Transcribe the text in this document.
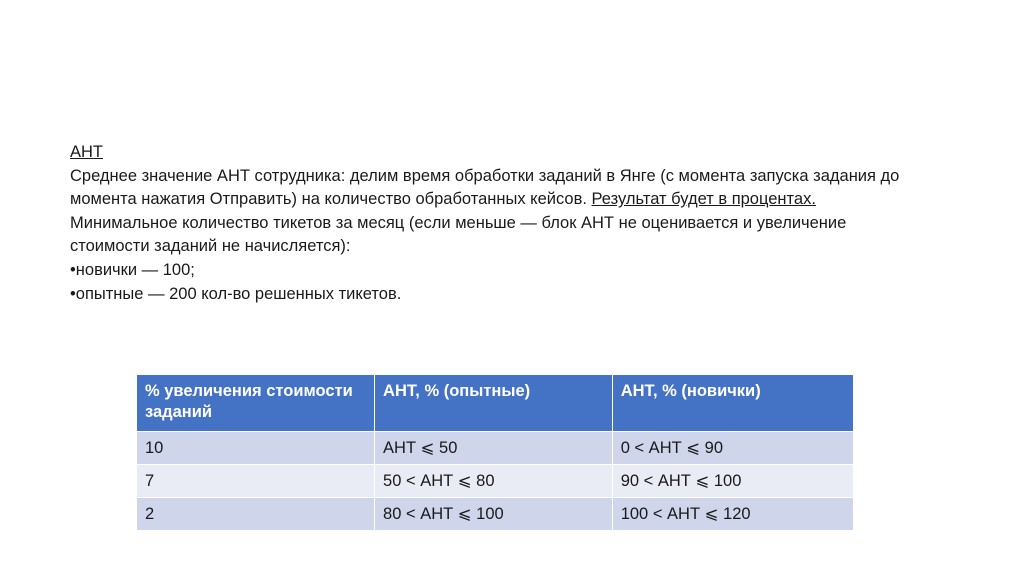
АНТ

Среднее значение АНТ сотрудника: делим время обработки заданий в Янге (с момента запуска задания до момента нажатия Отправить) на количество обработанных кейсов. Результат будет в процентах.

Минимальное количество тикетов за месяц (если меньше — блок АНТ не оценивается и увеличение стоимости заданий не начисляется):

•новички — 100;

•опытные — 200 кол-во решенных тикетов.

% увеличения стоимости заданий	АНТ, % (опытные)	АНТ, % (новички)
10	АНТ ⩽ 50	0 < АНТ ⩽ 90
7	50 < АНТ ⩽ 80	90 < АНТ ⩽ 100
2	80 < АНТ ⩽ 100	100 < АНТ ⩽ 120
